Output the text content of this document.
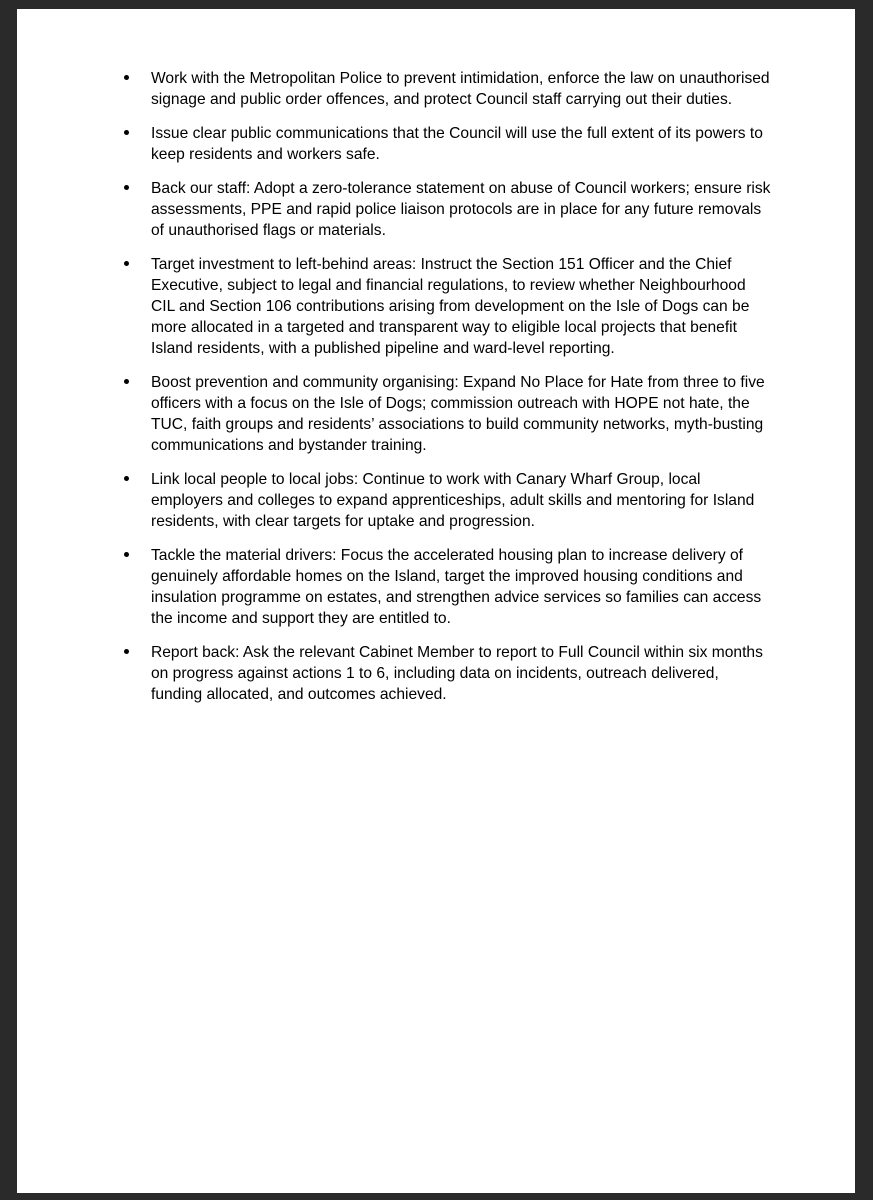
Work with the Metropolitan Police to prevent intimidation, enforce the law on unauthorised signage and public order offences, and protect Council staff carrying out their duties.
Issue clear public communications that the Council will use the full extent of its powers to keep residents and workers safe.
Back our staff: Adopt a zero-tolerance statement on abuse of Council workers; ensure risk assessments, PPE and rapid police liaison protocols are in place for any future removals of unauthorised flags or materials.
Target investment to left-behind areas: Instruct the Section 151 Officer and the Chief Executive, subject to legal and financial regulations, to review whether Neighbourhood CIL and Section 106 contributions arising from development on the Isle of Dogs can be more allocated in a targeted and transparent way to eligible local projects that benefit Island residents, with a published pipeline and ward-level reporting.
Boost prevention and community organising: Expand No Place for Hate from three to five officers with a focus on the Isle of Dogs; commission outreach with HOPE not hate, the TUC, faith groups and residents’ associations to build community networks, myth-busting communications and bystander training.
Link local people to local jobs: Continue to work with Canary Wharf Group, local employers and colleges to expand apprenticeships, adult skills and mentoring for Island residents, with clear targets for uptake and progression.
Tackle the material drivers: Focus the accelerated housing plan to increase delivery of genuinely affordable homes on the Island, target the improved housing conditions and insulation programme on estates, and strengthen advice services so families can access the income and support they are entitled to.
Report back: Ask the relevant Cabinet Member to report to Full Council within six months on progress against actions 1 to 6, including data on incidents, outreach delivered, funding allocated, and outcomes achieved.
